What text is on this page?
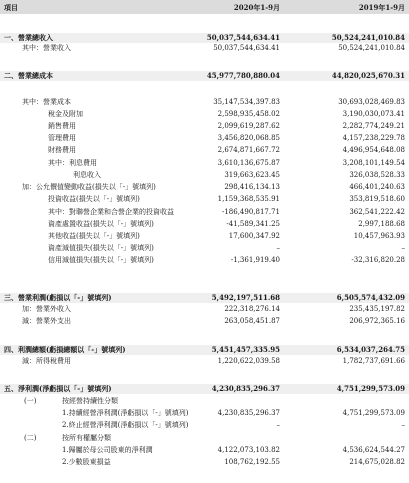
項目	2020年1-9月	2019年1-9月
一、營業總收入	50,037,544,634.41	50,524,241,010.84
其中：營業收入	50,037,544,634.41	50,524,241,010.84
二、營業總成本	45,977,780,880.04	44,820,025,670.31
其中：營業成本	35,147,534,397.83	30,693,028,469.83
稅金及附加	2,598,935,458.02	3,190,030,073.41
銷售費用	2,099,619,287.62	2,282,774,249.21
管理費用	3,456,820,068.85	4,157,238,229.78
財務費用	2,674,871,667.72	4,496,954,648.08
其中：利息費用	3,610,136,675.87	3,208,101,149.54
利息收入	319,663,623.45	326,038,528.33
加：公允價值變動收益(損失以「-」號填列)	298,416,134.13	466,401,240.63
投資收益(損失以「-」號填列)	1,159,368,535.91	353,819,518.60
其中：對聯營企業和合營企業的投資收益	-186,490,817.71	362,541,222.42
資產處置收益(損失以「-」號填列)	-41,589,341.25	2,997,188.68
其他收益(損失以「-」號填列)	17,600,347.92	10,457,963.93
資產減值損失(損失以「-」號填列)	–	–
信用減值損失(損失以「-」號填列)	-1,361,919.40	-32,316,820.28
三、營業利潤(虧損以「-」號填列)	5,492,197,511.68	6,505,574,432.09
加：營業外收入	222,318,276.14	235,435,197.82
減：營業外支出	263,058,451.87	206,972,365.16
四、利潤總額(虧損總額以「-」號填列)	5,451,457,335.95	6,534,037,264.75
減：所得稅費用	1,220,622,039.58	1,782,737,691.66
五、淨利潤(淨虧損以「-」號填列)	4,230,835,296.37	4,751,299,573.09
(一)	按經營持續性分類
1.持續經營淨利潤(淨虧損以「-」號填列)	4,230,835,296.37	4,751,299,573.09
2.終止經營淨利潤(淨虧損以「-」號填列)	–	–
(二)	按所有權屬分類
1.歸屬於母公司股東的淨利潤	4,122,073,103.82	4,536,624,544.27
2.少數股東損益	108,762,192.55	214,675,028.82
